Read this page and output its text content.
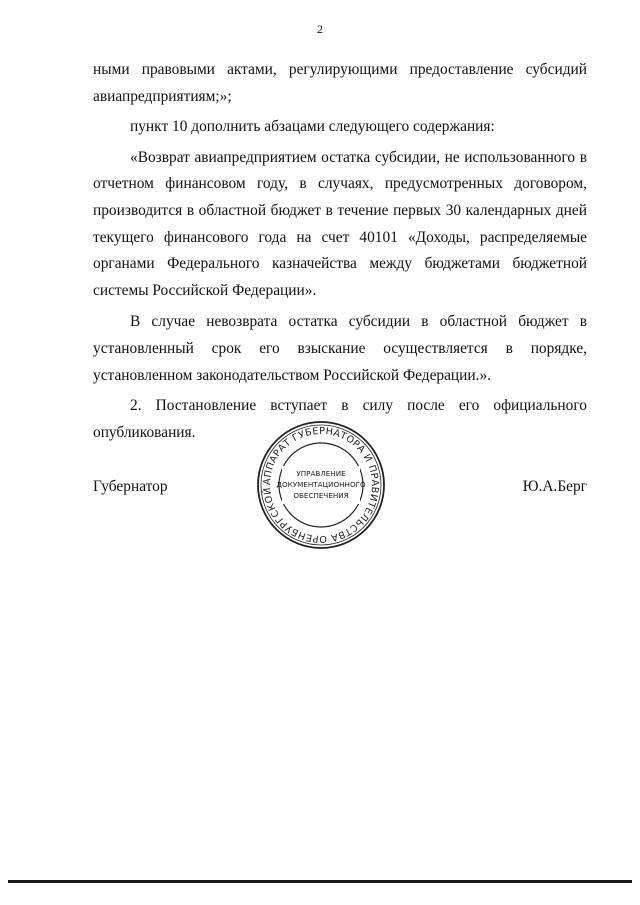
2

ными правовыми актами, регулирующими предоставление субсидий
авиапредприятиям;»;

пункт 10 дополнить абзацами следующего содержания:

«Возврат авиапредприятием остатка субсидии, не использованного в
отчетном финансовом году, в случаях, предусмотренных договором,
производится в областной бюджет в течение первых 30 календарных дней
текущего финансового года на счет 40101 «Доходы, распределяемые
органами Федерального казначейства между бюджетами бюджетной
системы Российской Федерации».

В случае невозврата остатка субсидии в областной бюджет в
установленный срок его взыскание осуществляется в порядке,
установленном законодательством Российской Федерации.».

2. Постановление вступает в силу после его официального
опубликования.

Губернатор	Ю.А.Берг
АППАРАТ ГУБЕРНАТОРА И ПРАВИТЕЛЬСТВА ОРЕНБУРГСКОЙ
УПРАВЛЕНИЕ
ДОКУМЕНТАЦИОННОГО
ОБЕСПЕЧЕНИЯ
